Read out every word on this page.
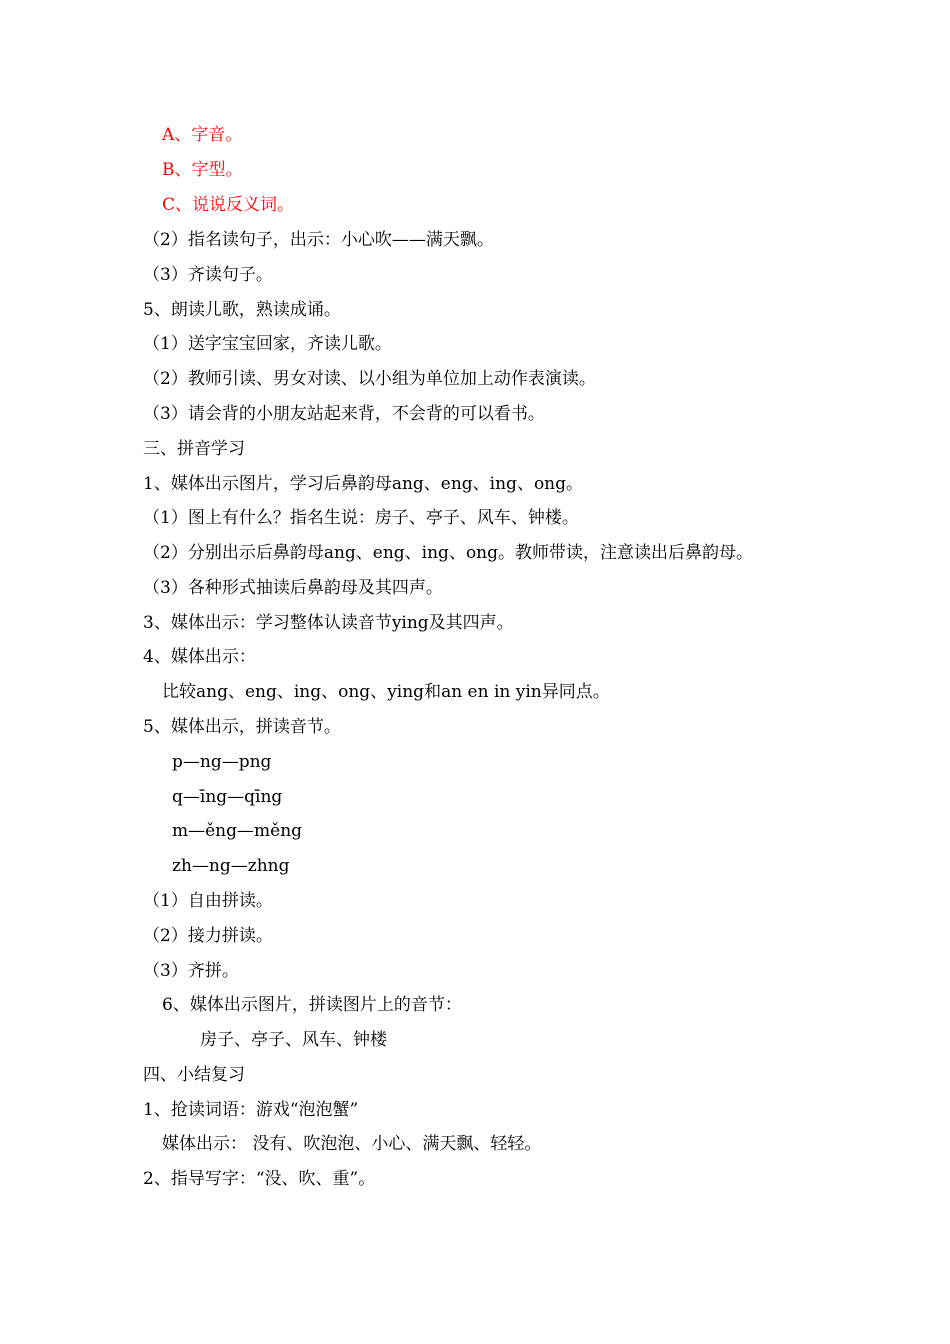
A、字音。
B、字型。
C、说说反义词。
（2）指名读句子，出示：小心吹——满天飘。
（3）齐读句子。
5、朗读儿歌，熟读成诵。
（1）送字宝宝回家，齐读儿歌。
（2）教师引读、男女对读、以小组为单位加上动作表演读。
（3）请会背的小朋友站起来背，不会背的可以看书。
三、拼音学习
1、媒体出示图片，学习后鼻韵母ang、eng、ing、ong。
（1）图上有什么？指名生说：房子、亭子、风车、钟楼。
（2）分别出示后鼻韵母ang、eng、ing、ong。教师带读，注意读出后鼻韵母。
（3）各种形式抽读后鼻韵母及其四声。
3、媒体出示：学习整体认读音节ying及其四声。
4、媒体出示：
比较ang、eng、ing、ong、ying和an en in yin异同点。
5、媒体出示，拼读音节。
p—ng—png
q—īng—qīng
m—ěng—měng
zh—ng—zhng
（1）自由拼读。
（2）接力拼读。
（3）齐拼。
6、媒体出示图片，拼读图片上的音节：
房子、亭子、风车、钟楼
四、小结复习
1、抢读词语：游戏“泡泡蟹”
媒体出示： 没有、吹泡泡、小心、满天飘、轻轻。
2、指导写字：“没、吹、重”。
